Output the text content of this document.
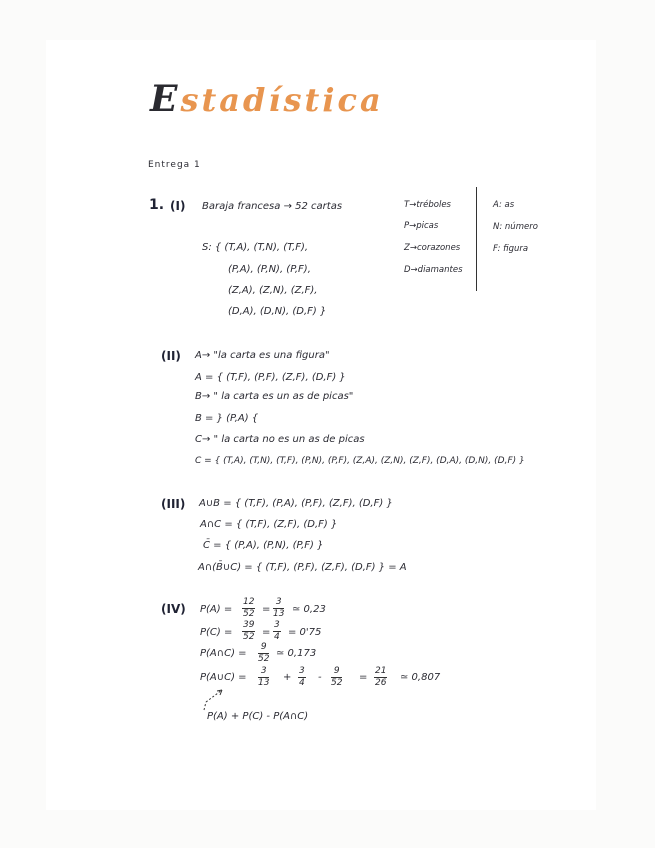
Estadística
Entrega 1
1. (I) Baraja francesa → 52 cartas	T→tréboles
P→picas
Z→corazones
D→diamantes
A: as
N: número
F: figura
S: { (T,A), (T,N), (T,F),
(P,A), (P,N), (P,F),
(Z,A), (Z,N), (Z,F),
(D,A), (D,N), (D,F) }
(II) A→ "la carta es una figura"
A = { (T,F), (P,F), (Z,F), (D,F) }
B→ " la carta es un as de picas"
B = } (P,A) {
C→ " la carta no es un as de picas
C = { (T,A), (T,N), (T,F), (P,N), (P,F), (Z,A), (Z,N), (Z,F), (D,A), (D,N), (D,F) }
(III) A∪B = { (T,F), (P,A), (P,F), (Z,F), (D,F) }
A∩C = { (T,F), (Z,F), (D,F) }
C̄ = { (P,A), (P,N), (P,F) }
A∩(B̄∪C) = { (T,F), (P,F), (Z,F), (D,F) } = A
(IV) $P(A) = \frac{12}{52} = \frac{3}{13}$ ≃ 0,23
$P(C) = \frac{39}{52} = \frac{3}{4} = 0'75$
P(A∩C) = $\frac{9}{52}$ ≃ 0,173
P(A∪C) = $\frac{3}{13} + \frac{3}{4} - \frac{9}{52} = \frac{21}{26}$ ≃ 0,807
P(A) + P(C) - P(A∩C)
